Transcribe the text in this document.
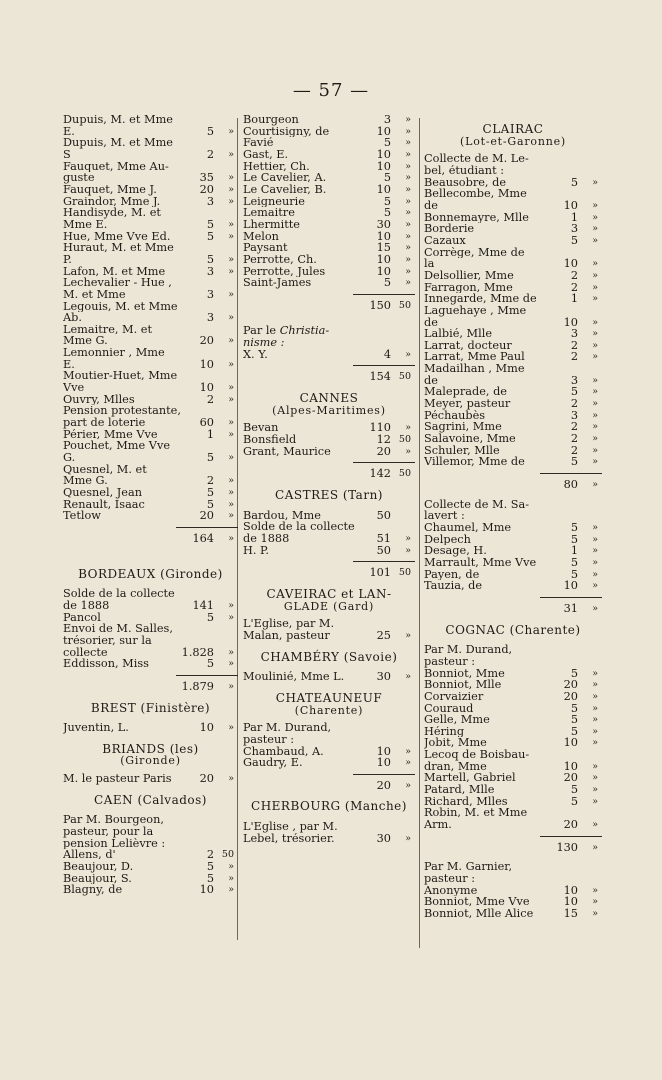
— 57 —
Dupuis, M. et Mme
E.	5 »
Dupuis, M. et Mme
S	2 »
Fauquet, Mme Au-
guste	35 »
Fauquet, Mme J.	20 »
Graindor, Mme J.	3 »
Handisyde, M. et
Mme E.	5 »
Hue, Mme Vve Ed.	5 »
Huraut, M. et Mme
P.	5 »
Lafon, M. et Mme	3 »
Lechevalier - Hue ,
M. et Mme	3 »
Legouis, M. et Mme
Ab.	3 »
Lemaitre, M. et
Mme G.	20 »
Lemonnier , Mme
E.	10 »
Moutier-Huet, Mme
Vve	10 »
Ouvry, Mlles	2 »
Pension protestante,
part de loterie	60 »
Périer, Mme Vve	1 »
Pouchet, Mme Vve
G.	5 »
Quesnel, M. et
Mme G.	2 »
Quesnel, Jean	5 »
Renault, Isaac	5 »
Tetlow	20 »
164 »
BORDEAUX (Gironde)
Solde de la collecte
de 1888	141 »
Pancol	5 »
Envoi de M. Salles,
trésorier, sur la
collecte	1.828 »
Eddisson, Miss	5 »
1.879 »
BREST (Finistère)
Juventin, L.	10 »
BRIANDS (les)
(Gironde)
M. le pasteur Paris	20 »
CAEN (Calvados)
Par M. Bourgeon,
pasteur, pour la
pension Lelièvre :
Allens, d'	2 50
Beaujour, D.	5 »
Beaujour, S.	5 »
Blagny, de	10 »
Bourgeon	3 »
Courtisigny, de	10 »
Favié	5 »
Gast, E.	10 »
Hettier, Ch.	10 »
Le Cavelier, A.	5 »
Le Cavelier, B.	10 »
Leigneurie	5 »
Lemaitre	5 »
Lhermitte	30 »
Melon	10 »
Paysant	15 »
Perrotte, Ch.	10 »
Perrotte, Jules	10 »
Saint-James	5 »
150 50
Par le Christia-
nisme :
X. Y.	4 »
154 50
CANNES
(Alpes-Maritimes)
Bevan	110 »
Bonsfield	12 50
Grant, Maurice	20 »
142 50
CASTRES (Tarn)
Bardou, Mme	50
Solde de la collecte
de 1888	51 »
H. P.	50 »
101 50
CAVEIRAC et LAN-
GLADE (Gard)
L'Eglise, par M.
Malan, pasteur	25 »
CHAMBÉRY (Savoie)
Moulinié, Mme L.	30 »
CHATEAUNEUF
(Charente)
Par M. Durand,
pasteur :
Chambaud, A.	10 »
Gaudry, E.	10 »
20 »
CHERBOURG (Manche)
L'Eglise , par M.
Lebel, trésorier.	30 »
CLAIRAC
(Lot-et-Garonne)
Collecte de M. Le-
bel, étudiant :
Beausobre, de	5 »
Bellecombe, Mme
de	10 »
Bonnemayre, Mlle	1 »
Borderie	3 »
Cazaux	5 »
Corrège, Mme de
la	10 »
Delsollier, Mme	2 »
Farragon, Mme	2 »
Innegarde, Mme de	1 »
Laguehaye , Mme
de	10 »
Lalbié, Mlle	3 »
Larrat, docteur	2 »
Larrat, Mme Paul	2 »
Madailhan , Mme
de	3 »
Maleprade, de	5 »
Meyer, pasteur	2 »
Péchaubès	3 »
Sagrini, Mme	2 »
Salavoine, Mme	2 »
Schuler, Mlle	2 »
Villemor, Mme de	5 »
80 »
Collecte de M. Sa-
lavert :
Chaumel, Mme	5 »
Delpech	5 »
Desage, H.	1 »
Marrault, Mme Vve	5 »
Payen, de	5 »
Tauzia, de	10 »
31 »
COGNAC (Charente)
Par M. Durand,
pasteur :
Bonniot, Mme	5 »
Bonniot, Mlle	20 »
Corvaizier	20 »
Couraud	5 »
Gelle, Mme	5 »
Héring	5 »
Jobit, Mme	10 »
Lecoq de Boisbau-
dran, Mme	10 »
Martell, Gabriel	20 »
Patard, Mlle	5 »
Richard, Mlles	5 »
Robin, M. et Mme
Arm.	20 »
130 »
Par M. Garnier,
pasteur :
Anonyme	10 »
Bonniot, Mme Vve	10 »
Bonniot, Mlle Alice	15 »
